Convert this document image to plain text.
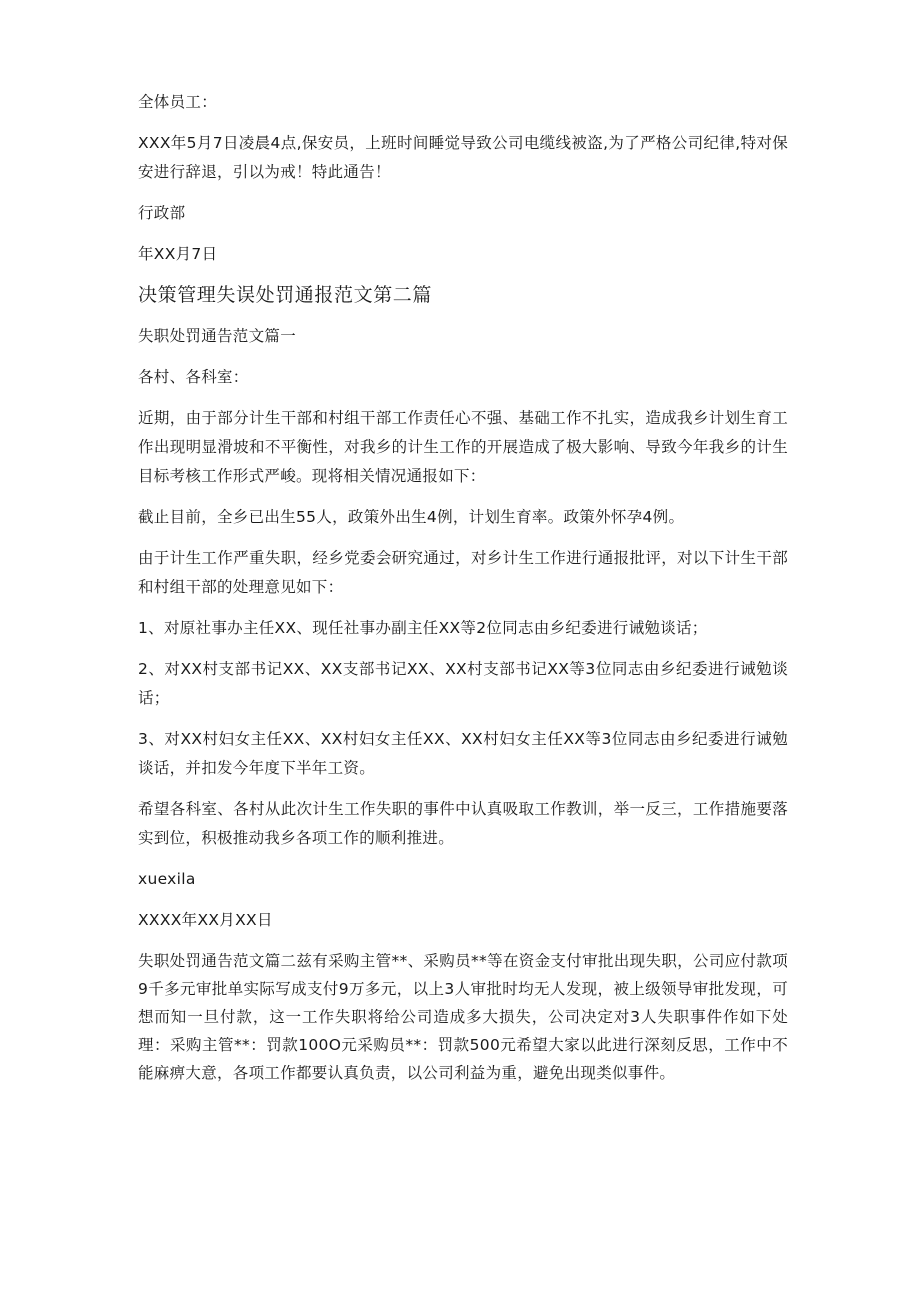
全体员工：

XXX年5月7日凌晨4点,保安员，上班时间睡觉导致公司电缆线被盗,为了严格公司纪律,特对保安进行辞退，引以为戒！特此通告！

行政部

年XX月7日

决策管理失误处罚通报范文第二篇

失职处罚通告范文篇一

各村、各科室：

近期，由于部分计生干部和村组干部工作责任心不强、基础工作不扎实，造成我乡计划生育工作出现明显滑坡和不平衡性，对我乡的计生工作的开展造成了极大影响、导致今年我乡的计生目标考核工作形式严峻。现将相关情况通报如下：

截止目前，全乡已出生55人，政策外出生4例，计划生育率。政策外怀孕4例。

由于计生工作严重失职，经乡党委会研究通过，对乡计生工作进行通报批评，对以下计生干部和村组干部的处理意见如下：

1、对原社事办主任XX、现任社事办副主任XX等2位同志由乡纪委进行诫勉谈话；

2、对XX村支部书记XX、XX支部书记XX、XX村支部书记XX等3位同志由乡纪委进行诫勉谈话；

3、对XX村妇女主任XX、XX村妇女主任XX、XX村妇女主任XX等3位同志由乡纪委进行诫勉谈话，并扣发今年度下半年工资。

希望各科室、各村从此次计生工作失职的事件中认真吸取工作教训，举一反三，工作措施要落实到位，积极推动我乡各项工作的顺利推进。

xuexila

XXXX年XX月XX日

失职处罚通告范文篇二兹有采购主管**、采购员**等在资金支付审批出现失职，公司应付款项9千多元审批单实际写成支付9万多元，以上3人审批时均无人发现，被上级领导审批发现，可想而知一旦付款，这一工作失职将给公司造成多大损失，公司决定对3人失职事件作如下处理：采购主管**：罚款100O元采购员**：罚款500元希望大家以此进行深刻反思，工作中不能麻痹大意，各项工作都要认真负责，以公司利益为重，避免出现类似事件。
